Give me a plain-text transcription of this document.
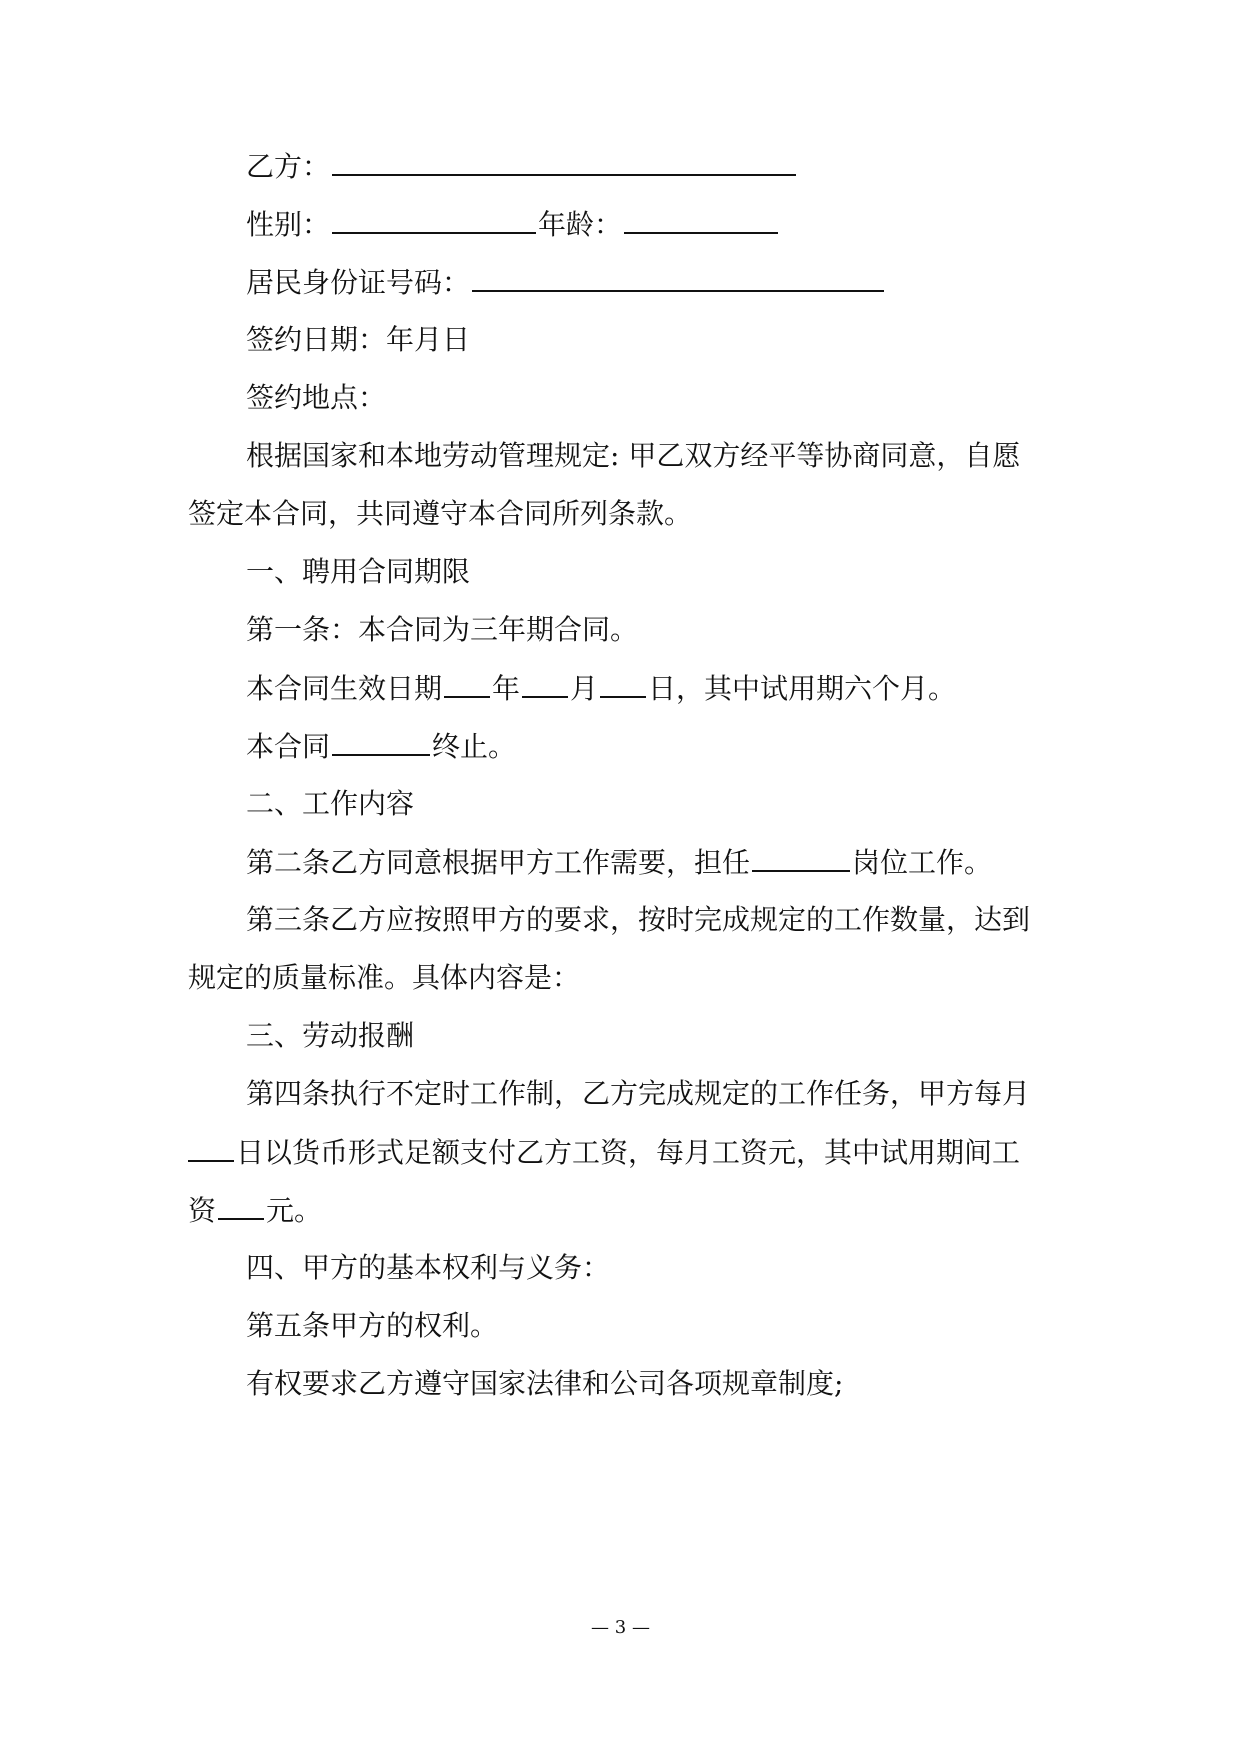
乙方：
性别：	年龄：
居民身份证号码：
签约日期：年月日
签约地点：
根据国家和本地劳动管理规定: 甲乙双方经平等协商同意，自愿
签定本合同，共同遵守本合同所列条款。
一、聘用合同期限
第一条：本合同为三年期合同。
本合同生效日期 年 月 日，其中试用期六个月。
本合同	终止。
二、工作内容
第二条乙方同意根据甲方工作需要，担任	岗位工作。
第三条乙方应按照甲方的要求，按时完成规定的工作数量，达到
规定的质量标准。具体内容是：
三、劳动报酬
第四条执行不定时工作制，乙方完成规定的工作任务，甲方每月
日以货币形式足额支付乙方工资，每月工资元，其中试用期间工
资 元。
四、甲方的基本权利与义务：
第五条甲方的权利。
有权要求乙方遵守国家法律和公司各项规章制度;
— 3 —
